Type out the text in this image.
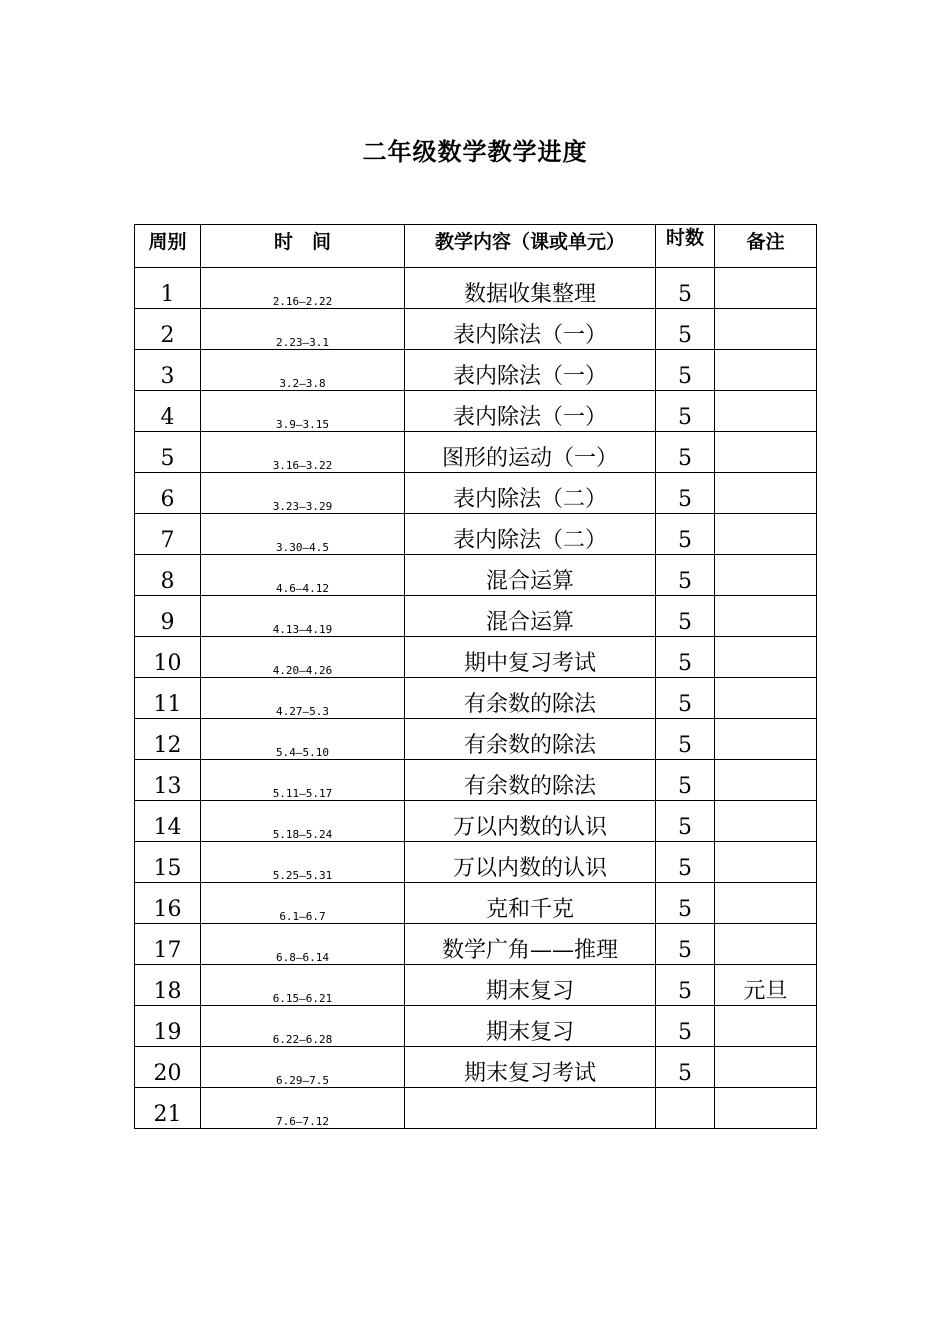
二年级数学教学进度
周别	时　间	教学内容（课或单元）	时数	备注
1	2.16—2.22	数据收集整理	5	
2	2.23—3.1	表内除法（一）	5	
3	3.2—3.8	表内除法（一）	5	
4	3.9—3.15	表内除法（一）	5	
5	3.16—3.22	图形的运动（一）	5	
6	3.23—3.29	表内除法（二）	5	
7	3.30—4.5	表内除法（二）	5	
8	4.6—4.12	混合运算	5	
9	4.13—4.19	混合运算	5	
10	4.20—4.26	期中复习考试	5	
11	4.27—5.3	有余数的除法	5	
12	5.4—5.10	有余数的除法	5	
13	5.11—5.17	有余数的除法	5	
14	5.18—5.24	万以内数的认识	5	
15	5.25—5.31	万以内数的认识	5	
16	6.1—6.7	克和千克	5	
17	6.8—6.14	数学广角——推理	5	
18	6.15—6.21	期末复习	5	元旦
19	6.22—6.28	期末复习	5	
20	6.29—7.5	期末复习考试	5	
21	7.6—7.12			
